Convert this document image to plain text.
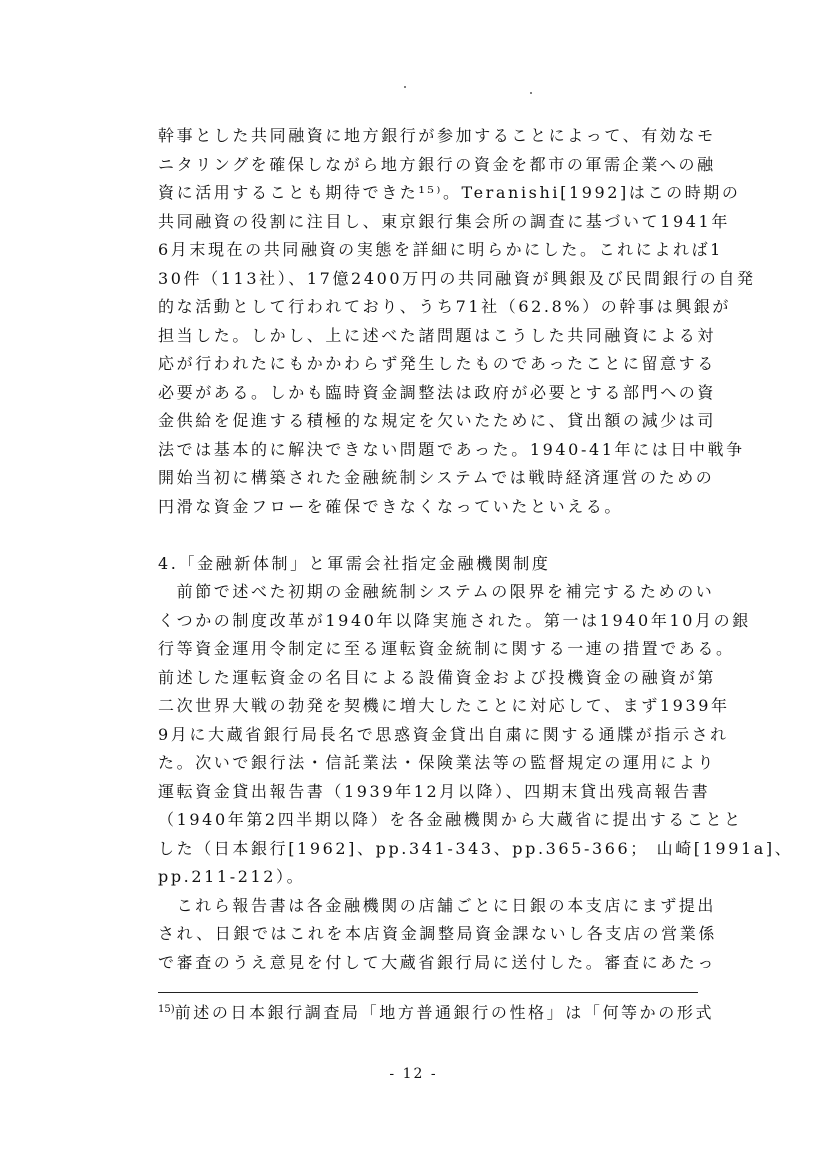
幹事とした共同融資に地方銀行が参加することによって、有効なモ
ニタリングを確保しながら地方銀行の資金を都市の軍需企業への融
資に活用することも期待できた¹⁵⁾。Teranishi[1992]はこの時期の
共同融資の役割に注目し、東京銀行集会所の調査に基づいて1941年
6月末現在の共同融資の実態を詳細に明らかにした。これによれば1
30件（113社）、17億2400万円の共同融資が興銀及び民間銀行の自発
的な活動として行われており、うち71社（62.8%）の幹事は興銀が
担当した。しかし、上に述べた諸問題はこうした共同融資による対
応が行われたにもかかわらず発生したものであったことに留意する
必要がある。しかも臨時資金調整法は政府が必要とする部門への資
金供給を促進する積極的な規定を欠いたために、貸出額の減少は司
法では基本的に解決できない問題であった。1940-41年には日中戦争
開始当初に構築された金融統制システムでは戦時経済運営のための
円滑な資金フローを確保できなくなっていたといえる。
4.「金融新体制」と軍需会社指定金融機関制度
　前節で述べた初期の金融統制システムの限界を補完するためのい
くつかの制度改革が1940年以降実施された。第一は1940年10月の銀
行等資金運用令制定に至る運転資金統制に関する一連の措置である。
前述した運転資金の名目による設備資金および投機資金の融資が第
二次世界大戦の勃発を契機に増大したことに対応して、まず1939年
9月に大蔵省銀行局長名で思惑資金貸出自粛に関する通牒が指示され
た。次いで銀行法・信託業法・保険業法等の監督規定の運用により
運転資金貸出報告書（1939年12月以降）、四期末貸出残高報告書
（1940年第2四半期以降）を各金融機関から大蔵省に提出することと
した（日本銀行[1962]、pp.341-343、pp.365-366； 山崎[1991a]、
pp.211-212）。
　これら報告書は各金融機関の店舗ごとに日銀の本支店にまず提出
され、日銀ではこれを本店資金調整局資金課ないし各支店の営業係
で審査のうえ意見を付して大蔵省銀行局に送付した。審査にあたっ
$^{15)}$前述の日本銀行調査局「地方普通銀行の性格」は「何等かの形式
- 12 -
